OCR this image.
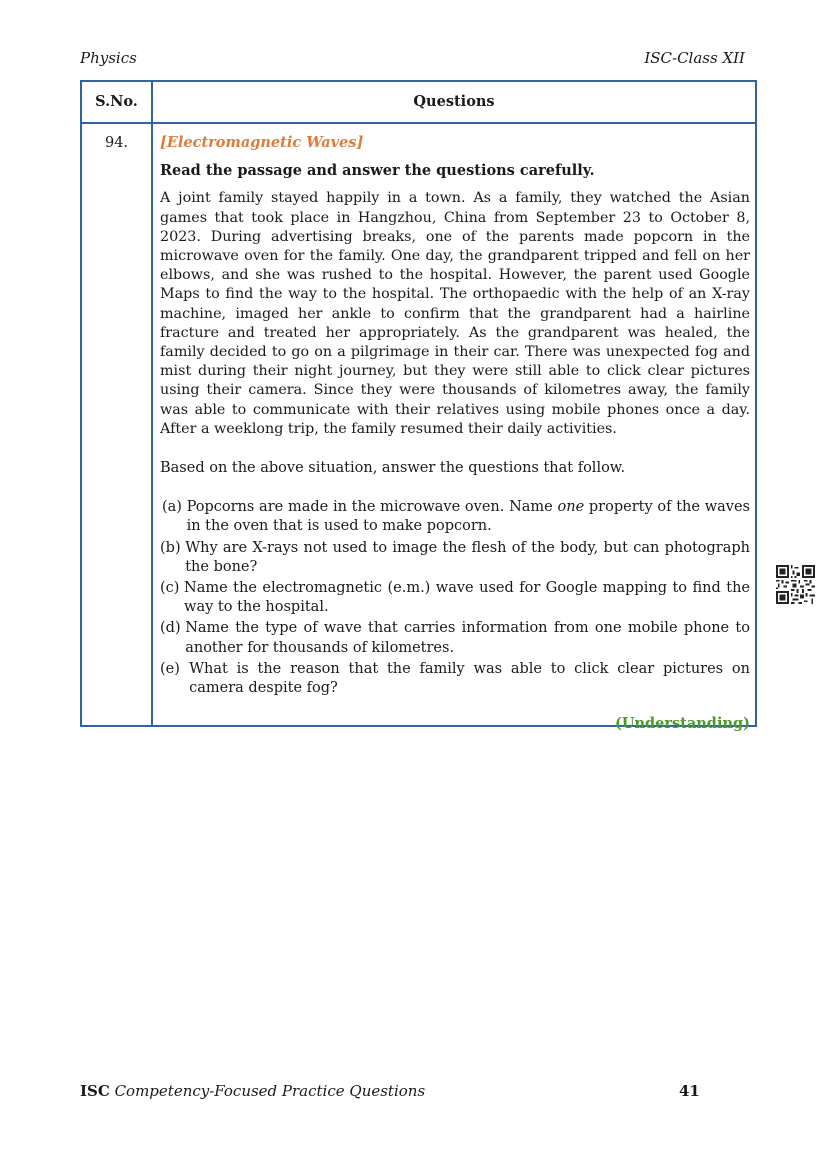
Physics	ISC-Class XII
S.No.	Questions
94.	[Electromagnetic Waves]
Read the passage and answer the questions carefully.
A joint family stayed happily in a town. As a family, they watched the Asian games that took place in Hangzhou, China from September 23 to October 8, 2023. During advertising breaks, one of the parents made popcorn in the microwave oven for the family. One day, the grandparent tripped and fell on her elbows, and she was rushed to the hospital. However, the parent used Google Maps to find the way to the hospital. The orthopaedic with the help of an X-ray machine, imaged her ankle to confirm that the grandparent had a hairline fracture and treated her appropriately. As the grandparent was healed, the family decided to go on a pilgrimage in their car. There was unexpected fog and mist during their night journey, but they were still able to click clear pictures using their camera. Since they were thousands of kilometres away, the family was able to communicate with their relatives using mobile phones once a day. After a weeklong trip, the family resumed their daily activities.
Based on the above situation, answer the questions that follow.
(a) Popcorns are made in the microwave oven. Name one property of the waves in the oven that is used to make popcorn.
(b) Why are X-rays not used to image the flesh of the body, but can photograph the bone?
(c) Name the electromagnetic (e.m.) wave used for Google mapping to find the way to the hospital.
(d) Name the type of wave that carries information from one mobile phone to another for thousands of kilometres.
(e) What is the reason that the family was able to click clear pictures on camera despite fog?
(Understanding)
ISC Competency-Focused Practice Questions	41
